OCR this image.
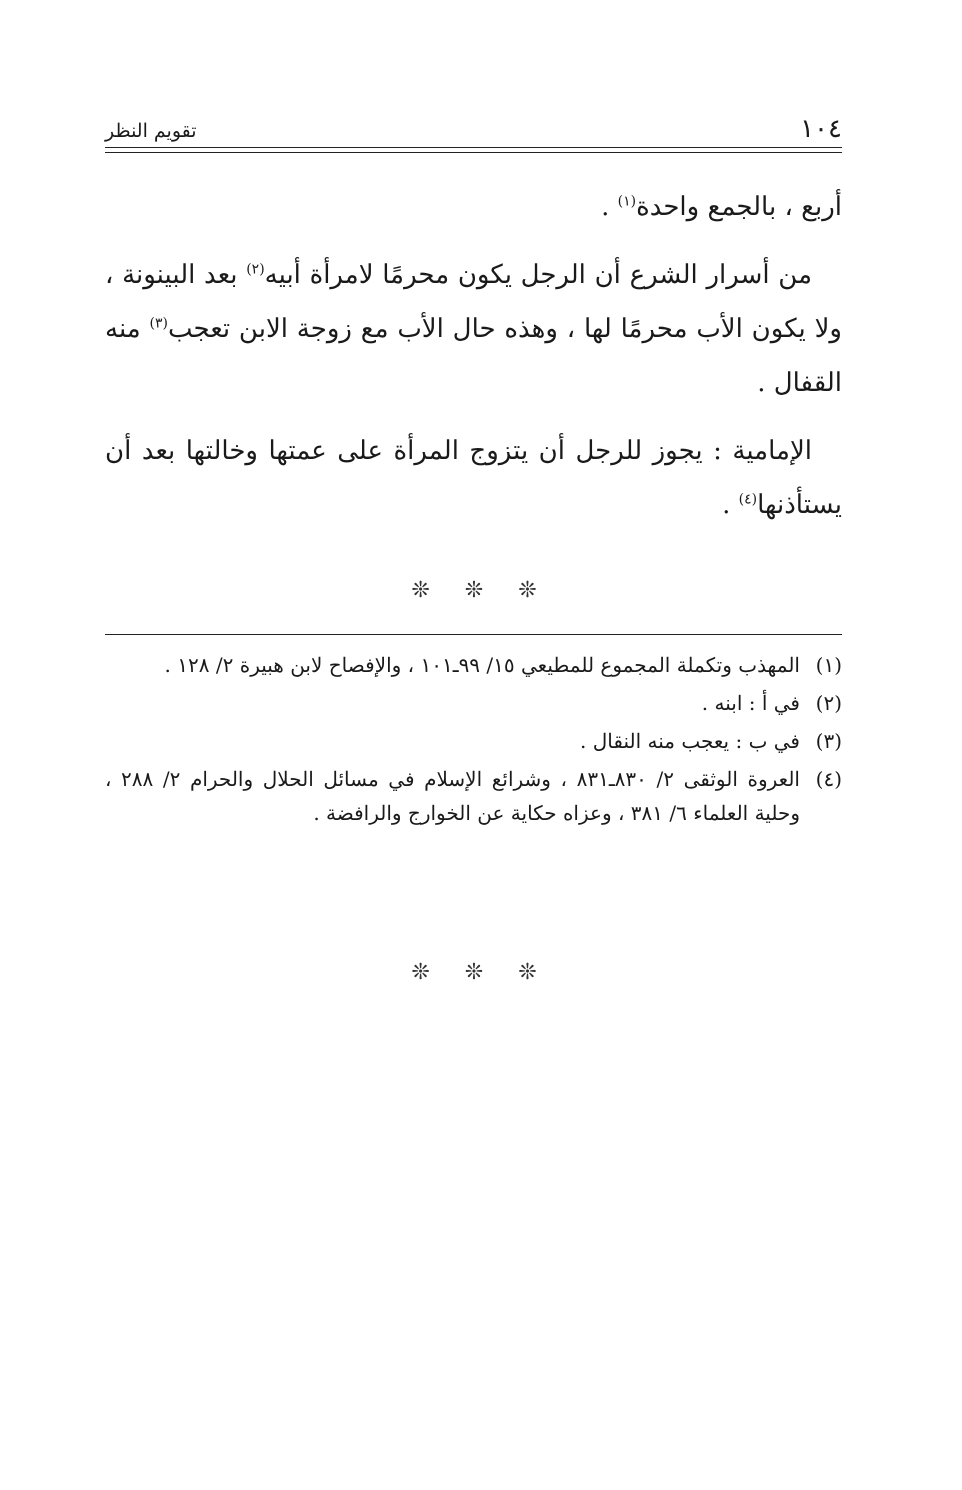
١٠٤
تقويم النظر

أربع ، بالجمع واحدة$^{(١)}$ .

من أسرار الشرع أن الرجل يكون محرمًا لامرأة أبيه$^{(٢)}$ بعد البينونة ، ولا يكون الأب محرمًا لها ، وهذه حال الأب مع زوجة الابن تعجب$^{(٣)}$ منه القفال .

الإمامية : يجوز للرجل أن يتزوج المرأة على عمتها وخالتها بعد أن يستأذنها$^{(٤)}$ .

❊ ❊ ❊
(١)
المهذب وتكملة المجموع للمطيعي ١٥/ ٩٩ـ١٠١ ، والإفصاح لابن هبيرة ٢/ ١٢٨ .
(٢)
في أ : ابنه .
(٣)
في ب : يعجب منه النقال .
(٤)
العروة الوثقى ٢/ ٨٣٠ـ٨٣١ ، وشرائع الإسلام في مسائل الحلال والحرام ٢/ ٢٨٨ ، وحلية العلماء ٦/ ٣٨١ ، وعزاه حكاية عن الخوارج والرافضة .
❊ ❊ ❊
